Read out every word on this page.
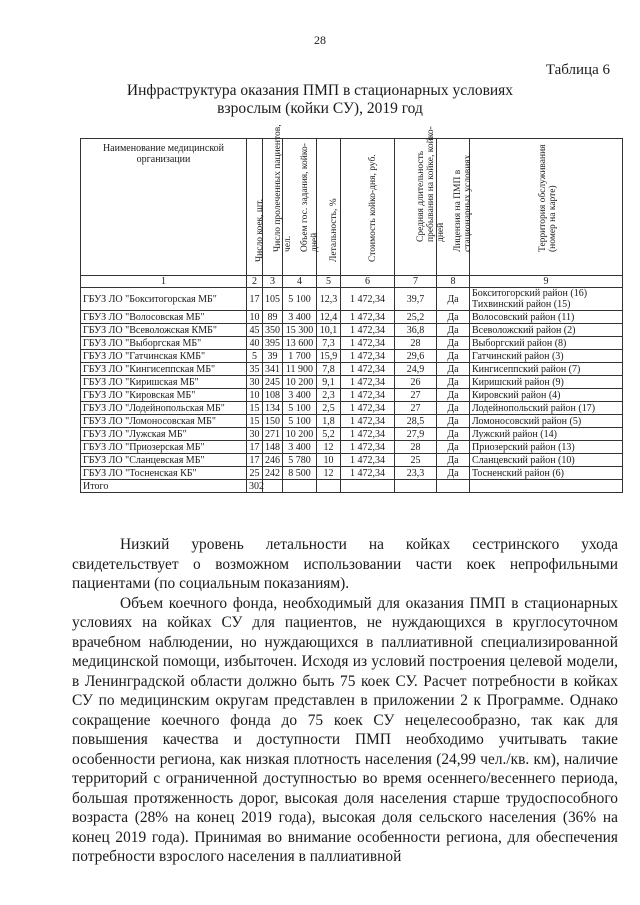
28
Таблица 6
Инфраструктура оказания ПМП в стационарных условиях взрослым (койки СУ), 2019 год
Наименование медицинской организации	Число коек, шт.	Число пролеченных пациентов, чел.	Объем гос. задания, койко-дней	Летальность, %	Стоимость койко-дня, руб.	Средняя длительность пребывания на койке, койко-дней	Лицензия на ПМП в стационарных условиях	Территория обслуживания (номер на карте)

1	2	3	4	5	6	7	8	9
ГБУЗ ЛО "Бокситогорская МБ"	17	105	5 100	12,3	1 472,34	39,7	Да	Бокситогорский район (16) Тихвинский район (15)
ГБУЗ ЛО "Волосовская МБ"	10	89	3 400	12,4	1 472,34	25,2	Да	Волосовский район (11)
ГБУЗ ЛО "Всеволожская КМБ"	45	350	15 300	10,1	1 472,34	36,8	Да	Всеволожский район (2)
ГБУЗ ЛО "Выборгская МБ"	40	395	13 600	7,3	1 472,34	28	Да	Выборгский район (8)
ГБУЗ ЛО "Гатчинская КМБ"	5	39	1 700	15,9	1 472,34	29,6	Да	Гатчинский район (3)
ГБУЗ ЛО "Кингисеппская МБ"	35	341	11 900	7,8	1 472,34	24,9	Да	Кингисеппский район (7)
ГБУЗ ЛО "Киришская МБ"	30	245	10 200	9,1	1 472,34	26	Да	Киришский район (9)
ГБУЗ ЛО "Кировская МБ"	10	108	3 400	2,3	1 472,34	27	Да	Кировский район (4)
ГБУЗ ЛО "Лодейнопольская МБ"	15	134	5 100	2,5	1 472,34	27	Да	Лодейнопольский район (17)
ГБУЗ ЛО "Ломоносовская МБ"	15	150	5 100	1,8	1 472,34	28,5	Да	Ломоносовский район (5)
ГБУЗ ЛО "Лужская МБ"	30	271	10 200	5,2	1 472,34	27,9	Да	Лужский район (14)
ГБУЗ ЛО "Приозерская МБ"	17	148	3 400	12	1 472,34	28	Да	Приозерский район (13)
ГБУЗ ЛО "Сланцевская МБ"	17	246	5 780	10	1 472,34	25	Да	Сланцевский район (10)
ГБУЗ ЛО "Тосненская КБ"	25	242	8 500	12	1 472,34	23,3	Да	Тосненский район (6)
Итого	302							

Низкий уровень летальности на койках сестринского ухода свидетельствует о возможном использовании части коек непрофильными пациентами (по социальным показаниям).

Объем коечного фонда, необходимый для оказания ПМП в стационарных условиях на койках СУ для пациентов, не нуждающихся в круглосуточном врачебном наблюдении, но нуждающихся в паллиативной специализированной медицинской помощи, избыточен. Исходя из условий построения целевой модели, в Ленинградской области должно быть 75 коек СУ. Расчет потребности в койках СУ по медицинским округам представлен в приложении 2 к Программе. Однако сокращение коечного фонда до 75 коек СУ нецелесообразно, так как для повышения качества и доступности ПМП необходимо учитывать такие особенности региона, как низкая плотность населения (24,99 чел./кв. км), наличие территорий с ограниченной доступностью во время осеннего/весеннего периода, большая протяженность дорог, высокая доля населения старше трудоспособного возраста (28% на конец 2019 года), высокая доля сельского населения (36% на конец 2019 года). Принимая во внимание особенности региона, для обеспечения потребности взрослого населения в паллиативной
